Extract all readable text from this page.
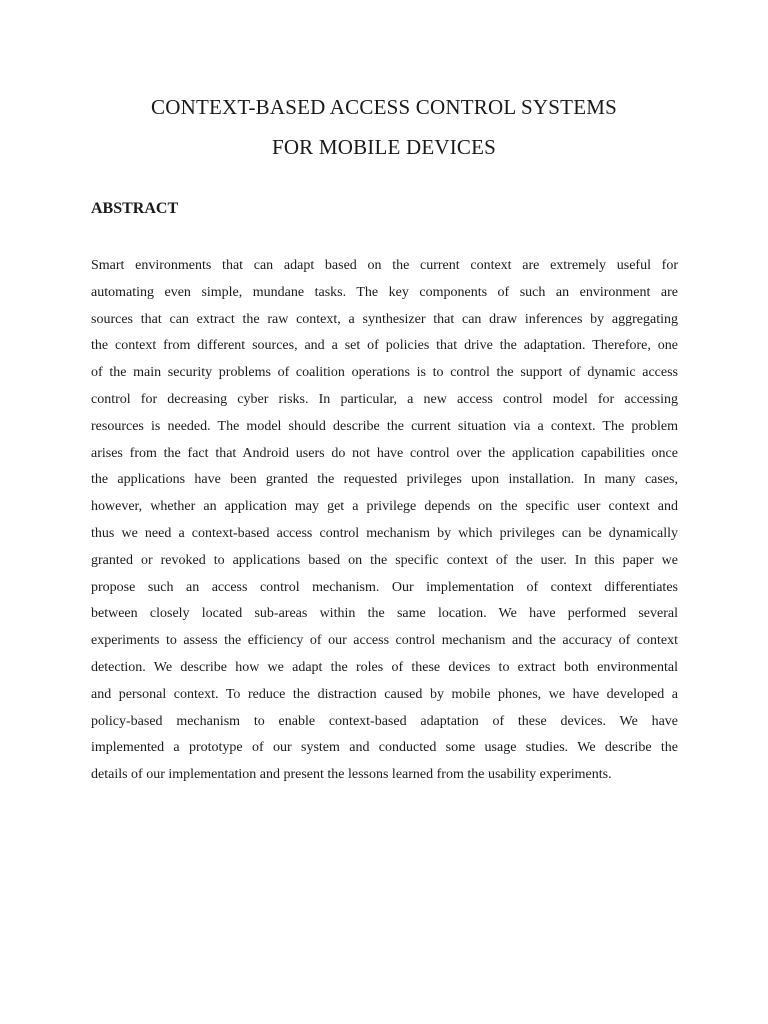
CONTEXT-BASED ACCESS CONTROL SYSTEMS
FOR MOBILE DEVICES
ABSTRACT

Smart environments that can adapt based on the current context are extremely useful for
automating even simple, mundane tasks. The key components of such an environment are
sources that can extract the raw context, a synthesizer that can draw inferences by aggregating
the context from different sources, and a set of policies that drive the adaptation. Therefore, one
of the main security problems of coalition operations is to control the support of dynamic access
control for decreasing cyber risks. In particular, a new access control model for accessing
resources is needed. The model should describe the current situation via a context. The problem
arises from the fact that Android users do not have control over the application capabilities once
the applications have been granted the requested privileges upon installation. In many cases,
however, whether an application may get a privilege depends on the specific user context and
thus we need a context-based access control mechanism by which privileges can be dynamically
granted or revoked to applications based on the specific context of the user. In this paper we
propose such an access control mechanism. Our implementation of context differentiates
between closely located sub-areas within the same location. We have performed several
experiments to assess the efficiency of our access control mechanism and the accuracy of context
detection. We describe how we adapt the roles of these devices to extract both environmental
and personal context. To reduce the distraction caused by mobile phones, we have developed a
policy-based mechanism to enable context-based adaptation of these devices. We have
implemented a prototype of our system and conducted some usage studies. We describe the
details of our implementation and present the lessons learned from the usability experiments.
